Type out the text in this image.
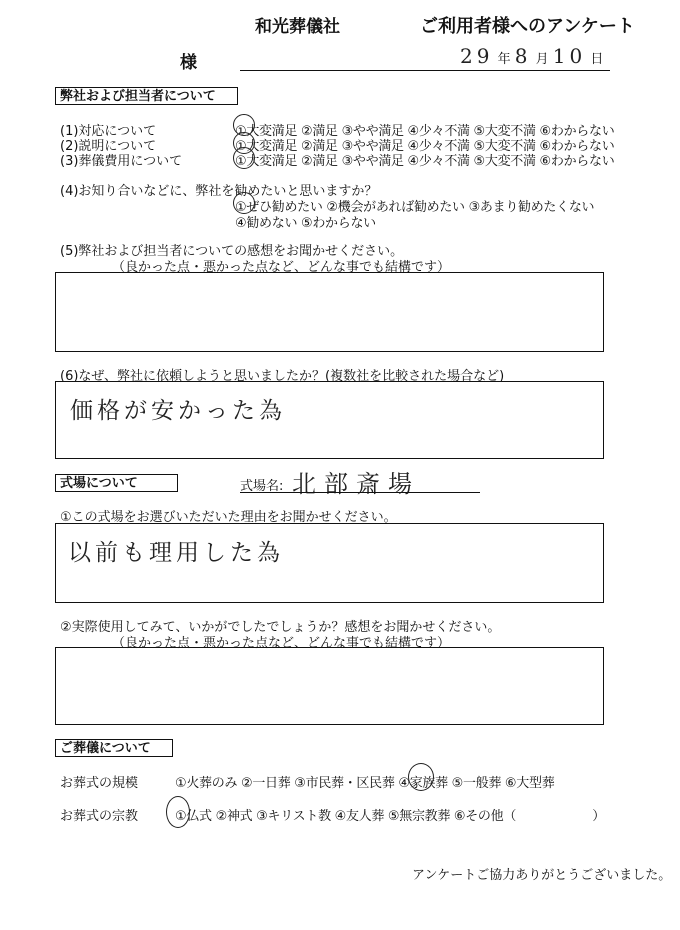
和光葬儀社	ご利用者様へのアンケート
様	29 年 8 月 10 日
弊社および担当者について
(1)対応について	①大変満足 ②満足 ③やや満足 ④少々不満 ⑤大変不満 ⑥わからない
(2)説明について	①大変満足 ②満足 ③やや満足 ④少々不満 ⑤大変不満 ⑥わからない
(3)葬儀費用について	①大変満足 ②満足 ③やや満足 ④少々不満 ⑤大変不満 ⑥わからない
(4)お知り合いなどに、弊社を勧めたいと思いますか？
①ぜひ勧めたい ②機会があれば勧めたい ③あまり勧めたくない
④勧めない ⑤わからない
(5)弊社および担当者についての感想をお聞かせください。
（良かった点・悪かった点など、どんな事でも結構です）
(6)なぜ、弊社に依頼しようと思いましたか？(複数社を比較された場合など)
価格が安かった為
式場について	式場名: 北部斎場
①この式場をお選びいただいた理由をお聞かせください。
以前も理用した為
②実際使用してみて、いかがでしたでしょうか？感想をお聞かせください。
（良かった点・悪かった点など、どんな事でも結構です）
ご葬儀について
お葬式の規模	①火葬のみ ②一日葬 ③市民葬・区民葬 ④家族葬 ⑤一般葬 ⑥大型葬
お葬式の宗教	①仏式 ②神式 ③キリスト教 ④友人葬 ⑤無宗教葬 ⑥その他（　　　　　　）
アンケートご協力ありがとうございました。
